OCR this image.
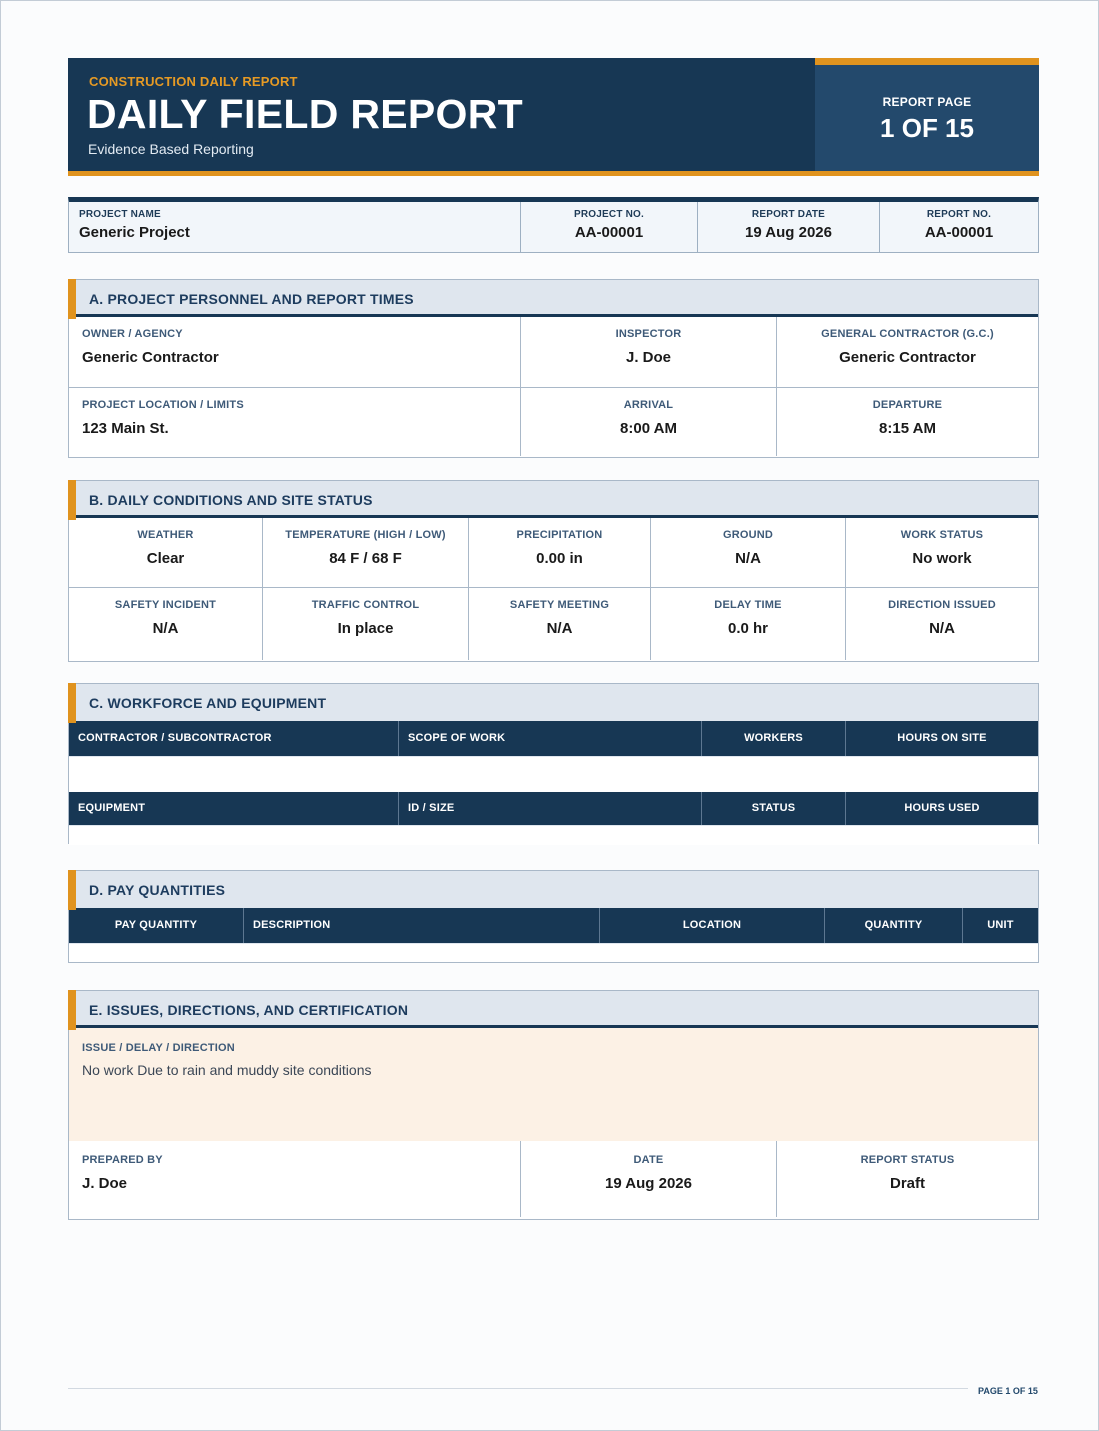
CONSTRUCTION DAILY REPORT
DAILY FIELD REPORT
Evidence Based Reporting
REPORT PAGE
1 OF 15
PROJECT NAME
Generic Project
PROJECT NO.
AA-00001
REPORT DATE
19 Aug 2026
REPORT NO.
AA-00001
A. PROJECT PERSONNEL AND REPORT TIMES
OWNER / AGENCY
Generic Contractor
INSPECTOR
J. Doe
GENERAL CONTRACTOR (G.C.)
Generic Contractor
PROJECT LOCATION / LIMITS
123 Main St.
ARRIVAL
8:00 AM
DEPARTURE
8:15 AM
B. DAILY CONDITIONS AND SITE STATUS
WEATHER
Clear
TEMPERATURE (HIGH / LOW)
84 F / 68 F
PRECIPITATION
0.00 in
GROUND
N/A
WORK STATUS
No work
SAFETY INCIDENT
N/A
TRAFFIC CONTROL
In place
SAFETY MEETING
N/A
DELAY TIME
0.0 hr
DIRECTION ISSUED
N/A
C. WORKFORCE AND EQUIPMENT
CONTRACTOR / SUBCONTRACTOR	SCOPE OF WORK	WORKERS	HOURS ON SITE
EQUIPMENT	ID / SIZE	STATUS	HOURS USED
D. PAY QUANTITIES
PAY QUANTITY	DESCRIPTION	LOCATION	QUANTITY	UNIT
E. ISSUES, DIRECTIONS, AND CERTIFICATION
ISSUE / DELAY / DIRECTION
No work Due to rain and muddy site conditions
PREPARED BY
J. Doe
DATE
19 Aug 2026
REPORT STATUS
Draft
PAGE 1 OF 15
